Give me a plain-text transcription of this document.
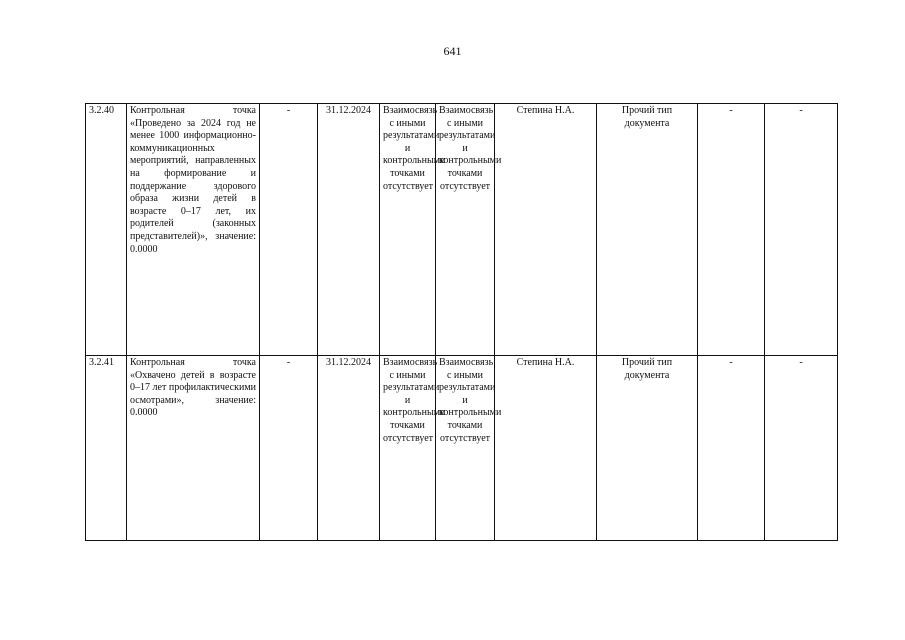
641
3.2.40	Контрольная точка «Проведено за 2024 год не менее 1000 информационно-коммуникационных мероприятий, направленных на формирование и поддержание здорового образа жизни детей в возрасте 0–17 лет, их родителей (законных представителей)», значение: 0.0000	-	31.12.2024	Взаимосвязь с иными результатами и контрольными точками отсутствует	Взаимосвязь с иными результатами и контрольными точками отсутствует	Степина Н.А.	Прочий тип документа	-	-
3.2.41	Контрольная точка «Охвачено детей в возрасте 0–17 лет профилактическими осмотрами», значение: 0.0000	-	31.12.2024	Взаимосвязь с иными результатами и контрольными точками отсутствует	Взаимосвязь с иными результатами и контрольными точками отсутствует	Степина Н.А.	Прочий тип документа	-	-
